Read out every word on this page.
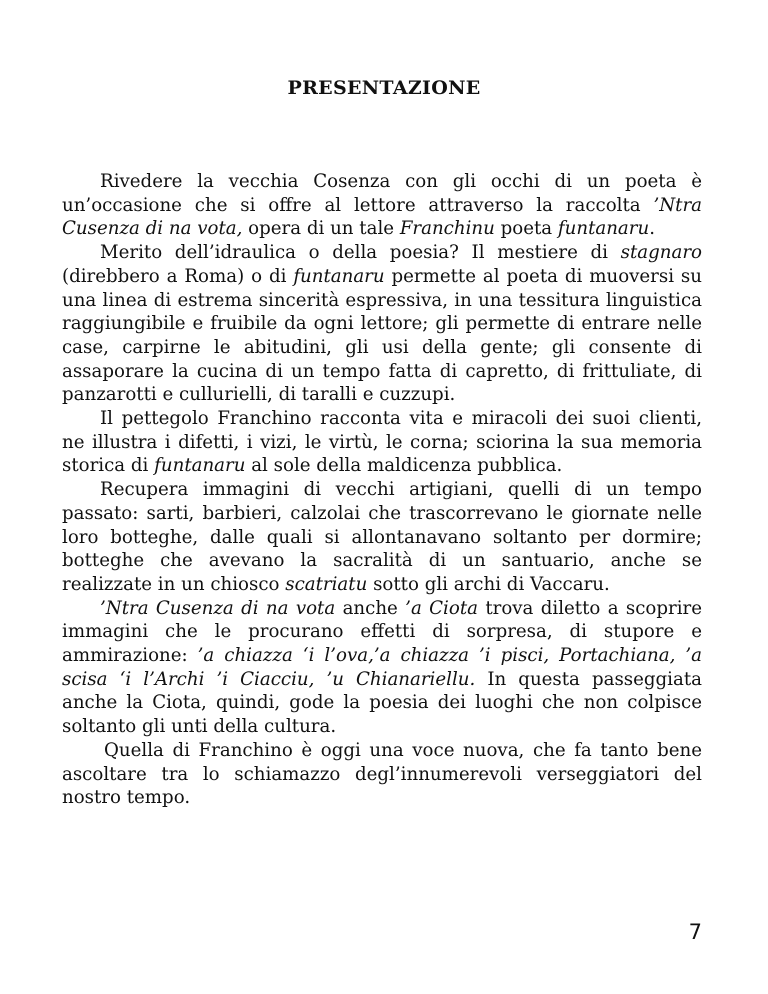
PRESENTAZIONE

Rivedere la vecchia Cosenza con gli occhi di un poeta è un’occasione che si offre al lettore attraverso la raccolta ’Ntra Cusenza di na vota, opera di un tale Franchinu poeta funtanaru.

Merito dell’idraulica o della poesia? Il mestiere di stagnaro (direbbero a Roma) o di funtanaru permette al poeta di muoversi su una linea di estrema sincerità espressiva, in una tessitura linguistica raggiungibile e fruibile da ogni lettore; gli permette di entrare nelle case, carpirne le abitudini, gli usi della gente; gli consente di assaporare la cucina di un tempo fatta di capretto, di frittuliate, di panzarotti e cullurielli, di taralli e cuzzupi.

Il pettegolo Franchino racconta vita e miracoli dei suoi clienti, ne illustra i difetti, i vizi, le virtù, le corna; sciorina la sua memoria storica di funtanaru al sole della maldicenza pubblica.

Recupera immagini di vecchi artigiani, quelli di un tempo passato: sarti, barbieri, calzolai che trascorrevano le giornate nelle loro botteghe, dalle quali si allontanavano soltanto per dormire; botteghe che avevano la sacralità di un santuario, anche se realizzate in un chiosco scatriatu sotto gli archi di Vaccaru.

’Ntra Cusenza di na vota anche ’a Ciota trova diletto a scoprire immagini che le procurano effetti di sorpresa, di stupore e ammirazione: ’a chiazza ‘i l’ova,’a chiazza ’i pisci, Portachiana, ’a scisa ‘i l’Archi ’i Ciacciu, ’u Chianariellu. In questa passeggiata anche la Ciota, quindi, gode la poesia dei luoghi che non colpisce soltanto gli unti della cultura.

Quella di Franchino è oggi una voce nuova, che fa tanto bene ascoltare tra lo schiamazzo degl’innumerevoli verseggiatori del nostro tempo.

7
